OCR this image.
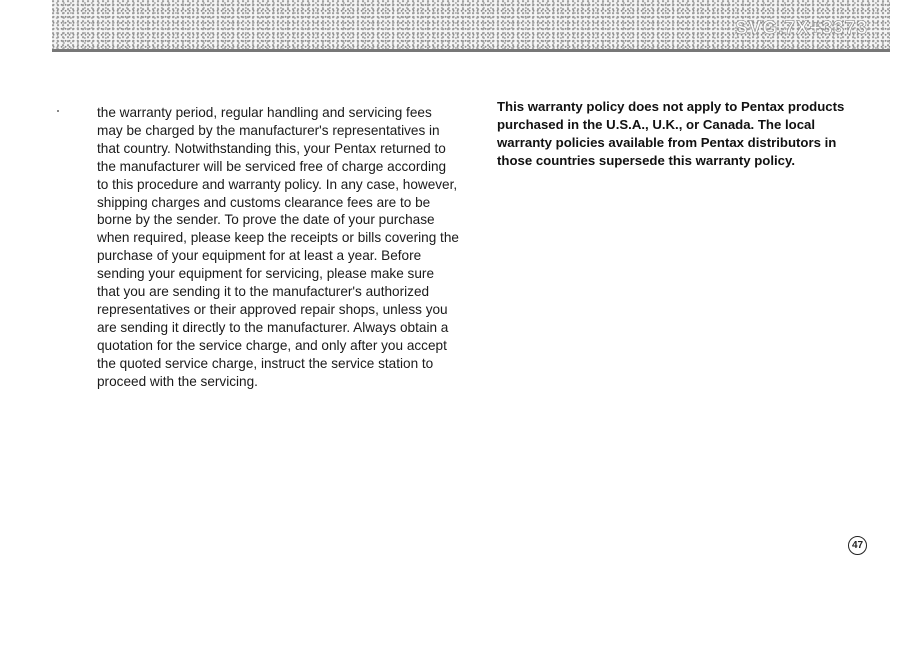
SVG.7X+3373

the warranty period, regular handling and servicing fees may be charged by the manufacturer's representatives in that country. Notwithstanding this, your Pentax returned to the manufacturer will be serviced free of charge according to this procedure and warranty policy. In any case, however, shipping charges and customs clearance fees are to be borne by the sender. To prove the date of your purchase when required, please keep the receipts or bills covering the purchase of your equipment for at least a year. Before sending your equipment for servicing, please make sure that you are sending it to the manufacturer's authorized representatives or their approved repair shops, unless you are sending it directly to the manufacturer. Always obtain a quotation for the service charge, and only after you accept the quoted service charge, instruct the service station to proceed with the servicing.

This warranty policy does not apply to Pentax products purchased in the U.S.A., U.K., or Canada. The local warranty policies available from Pentax distributors in those countries supersede this warranty policy.

47
